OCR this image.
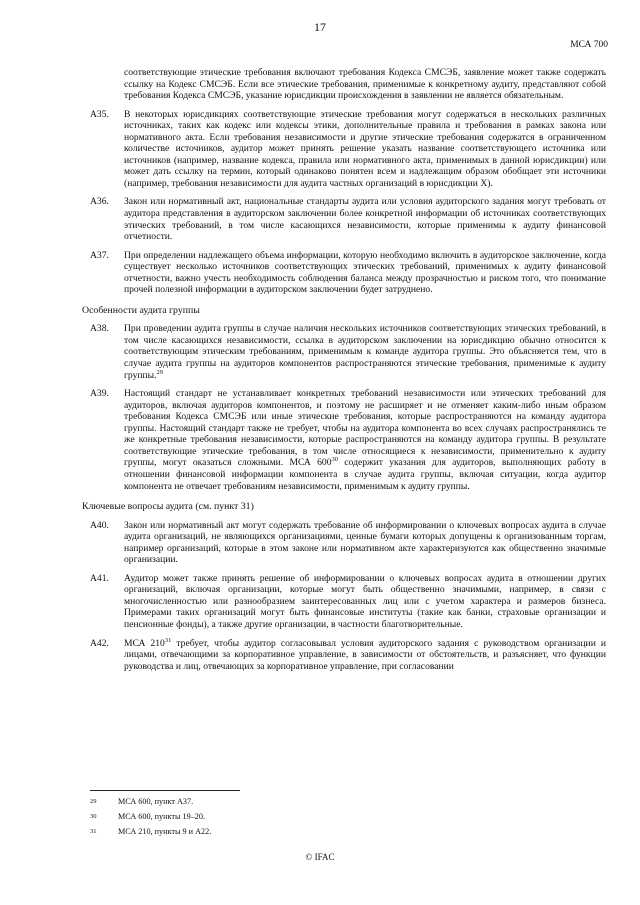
17
МСА 700

соответствующие этические требования включают требования Кодекса СМСЭБ, заявление может также содержать ссылку на Кодекс СМСЭБ. Если все этические требования, применимые к конкретному аудиту, представляют собой требования Кодекса СМСЭБ, указание юрисдикции происхождения в заявлении не является обязательным.

А35.	В некоторых юрисдикциях соответствующие этические требования могут содержаться в нескольких различных источниках, таких как кодекс или кодексы этики, дополнительные правила и требования в рамках закона или нормативного акта. Если требования независимости и другие этические требования содержатся в ограниченном количестве источников, аудитор может принять решение указать название соответствующего источника или источников (например, название кодекса, правила или нормативного акта, применимых в данной юрисдикции) или может дать ссылку на термин, который одинаково понятен всем и надлежащим образом обобщает эти источники (например, требования независимости для аудита частных организаций в юрисдикции Х).
А36.	Закон или нормативный акт, национальные стандарты аудита или условия аудиторского задания могут требовать от аудитора представления в аудиторском заключении более конкретной информации об источниках соответствующих этических требований, в том числе касающихся независимости, которые применимы к аудиту финансовой отчетности.
А37.	При определении надлежащего объема информации, которую необходимо включить в аудиторское заключение, когда существует несколько источников соответствующих этических требований, применимых к аудиту финансовой отчетности, важно учесть необходимость соблюдения баланса между прозрачностью и риском того, что понимание прочей полезной информации в аудиторском заключении будет затруднено.
Особенности аудита группы
А38.	При проведении аудита группы в случае наличия нескольких источников соответствующих этических требований, в том числе касающихся независимости, ссылка в аудиторском заключении на юрисдикцию обычно относится к соответствующим этическим требованиям, применимым к команде аудитора группы. Это объясняется тем, что в случае аудита группы на аудиторов компонентов распространяются этические требования, применимые к аудиту группы.$^{29}$
А39.	Настоящий стандарт не устанавливает конкретных требований независимости или этических требований для аудиторов, включая аудиторов компонентов, и поэтому не расширяет и не отменяет каким-либо иным образом требования Кодекса СМСЭБ или иные этические требования, которые распространяются на команду аудитора группы. Настоящий стандарт также не требует, чтобы на аудитора компонента во всех случаях распространялись те же конкретные требования независимости, которые распространяются на команду аудитора группы. В результате соответствующие этические требования, в том числе относящиеся к независимости, применительно к аудиту группы, могут оказаться сложными. МСА $600^{30}$ содержит указания для аудиторов, выполняющих работу в отношении финансовой информации компонента в случае аудита группы, включая ситуации, когда аудитор компонента не отвечает требованиям независимости, применимым к аудиту группы.
Ключевые вопросы аудита (см. пункт 31)
А40.	Закон или нормативный акт могут содержать требование об информировании о ключевых вопросах аудита в случае аудита организаций, не являющихся организациями, ценные бумаги которых допущены к организованным торгам, например организаций, которые в этом законе или нормативном акте характеризуются как общественно значимые организации.
А41.	Аудитор может также принять решение об информировании о ключевых вопросах аудита в отношении других организаций, включая организации, которые могут быть общественно значимыми, например, в связи с многочисленностью или разнообразием заинтересованных лиц или с учетом характера и размеров бизнеса. Примерами таких организаций могут быть финансовые институты (такие как банки, страховые организации и пенсионные фонды), а также другие организации, в частности благотворительные.
А42.	МСА $210^{31}$ требует, чтобы аудитор согласовывал условия аудиторского задания с руководством организации и лицами, отвечающими за корпоративное управление, в зависимости от обстоятельств, и разъясняет, что функции руководства и лиц, отвечающих за корпоративное управление, при согласовании
29	МСА 600, пункт А37.
30	МСА 600, пункты 19–20.
31	МСА 210, пункты 9 и А22.
© IFAC
